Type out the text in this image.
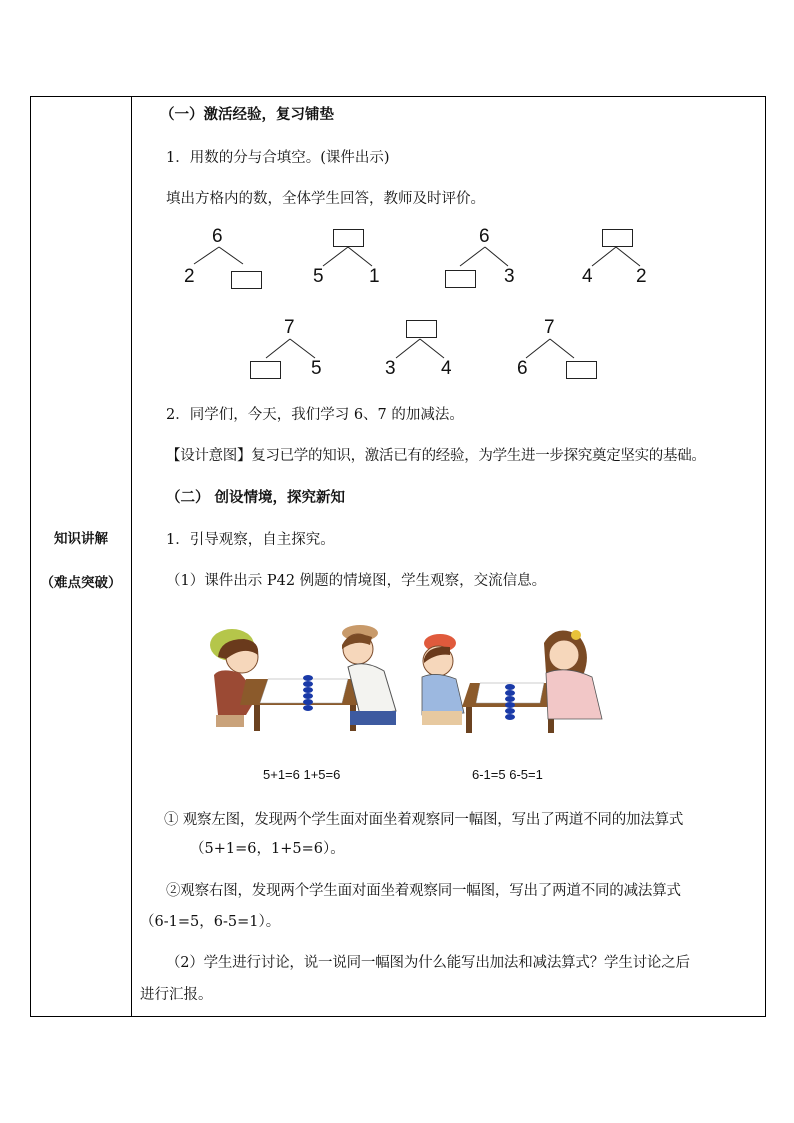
知识讲解
（难点突破）
（一）激活经验，复习铺垫
1．用数的分与合填空。(课件出示)
填出方格内的数，全体学生回答，教师及时评价。
6
2	5 1
6
3	4 2
7
5	3 4
7
6
2．同学们，今天，我们学习 6、7 的加减法。
【设计意图】复习已学的知识，激活已有的经验，为学生进一步探究奠定坚实的基础。
（二） 创设情境，探究新知
1．引导观察，自主探究。
（1）课件出示 P42 例题的情境图，学生观察，交流信息。
5+1=6 1+5=6	6-1=5 6-5=1
① 观察左图，发现两个学生面对面坐着观察同一幅图，写出了两道不同的加法算式
（5+1=6，1+5=6）。
②观察右图，发现两个学生面对面坐着观察同一幅图，写出了两道不同的减法算式
（6-1=5，6-5=1）。
（2）学生进行讨论，说一说同一幅图为什么能写出加法和减法算式？学生讨论之后
进行汇报。
